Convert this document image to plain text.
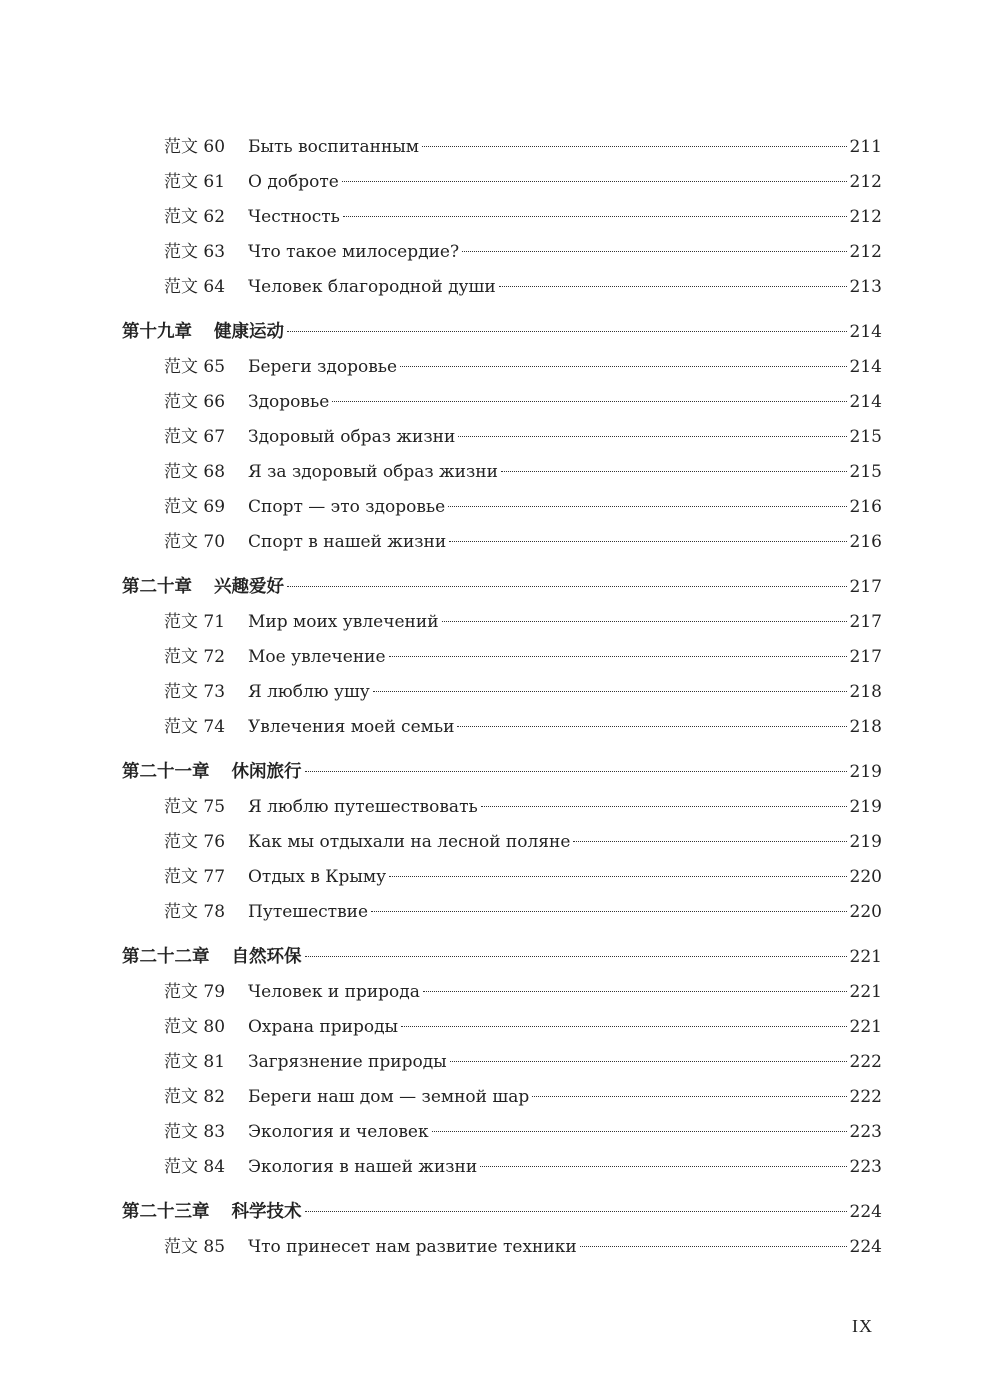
范文 60	Быть воспитанным	211
范文 61	О доброте	212
范文 62	Честность	212
范文 63	Что такое милосердие?	212
范文 64	Человек благородной души	213
第十九章 健康运动	214
范文 65	Береги здоровье	214
范文 66	Здоровье	214
范文 67	Здоровый образ жизни	215
范文 68	Я за здоровый образ жизни	215
范文 69	Спорт — это здоровье	216
范文 70	Спорт в нашей жизни	216
第二十章 兴趣爱好	217
范文 71	Мир моих увлечений	217
范文 72	Мое увлечение	217
范文 73	Я люблю ушу	218
范文 74	Увлечения моей семьи	218
第二十一章 休闲旅行	219
范文 75	Я люблю путешествовать	219
范文 76	Как мы отдыхали на лесной поляне	219
范文 77	Отдых в Крыму	220
范文 78	Путешествие	220
第二十二章 自然环保	221
范文 79	Человек и природа	221
范文 80	Охрана природы	221
范文 81	Загрязнение природы	222
范文 82	Береги наш дом — земной шар	222
范文 83	Экология и человек	223
范文 84	Экология в нашей жизни	223
第二十三章 科学技术	224
范文 85	Что принесет нам развитие техники	224
IX
